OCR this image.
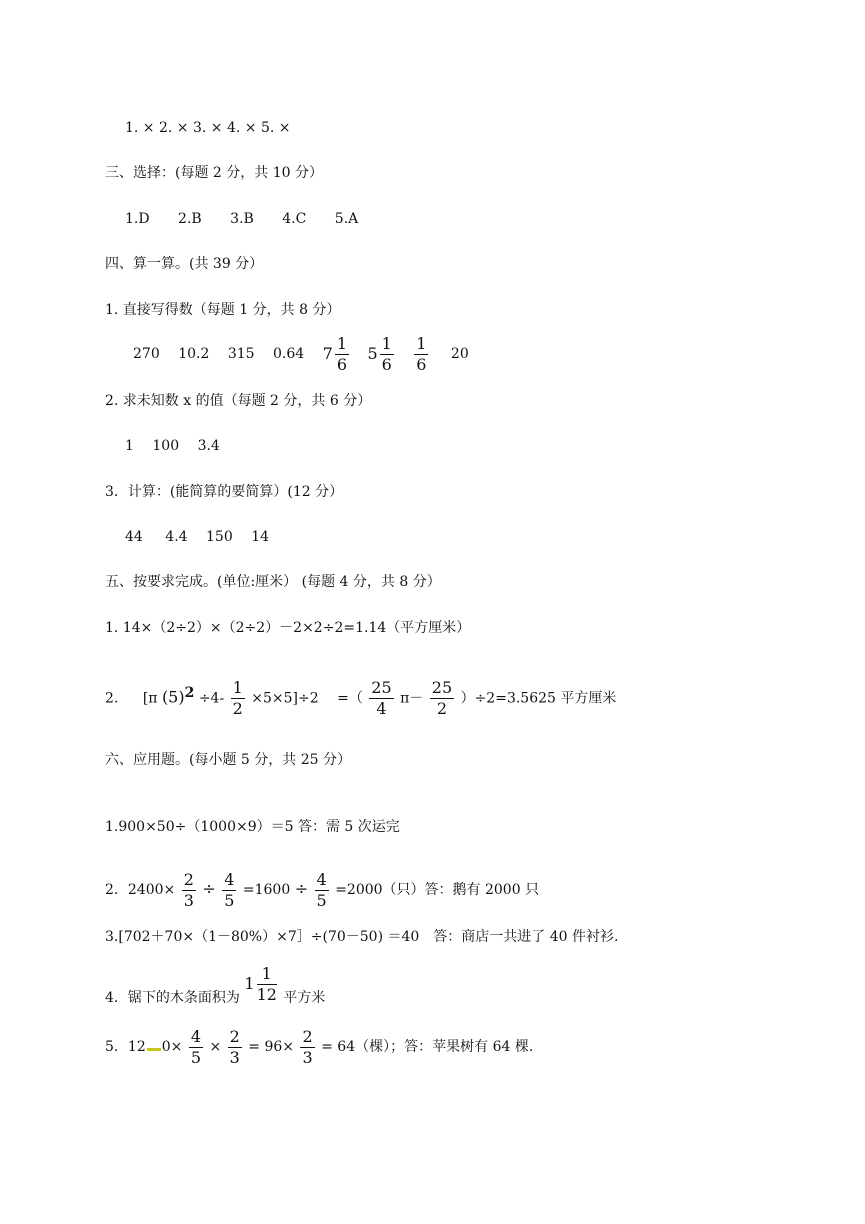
1. × 2. × 3. × 4. × 5. ×
三、选择：(每题 2 分，共 10 分）
1.D 2.B 3.B 4.C 5.A
四、算一算。(共 39 分）
1. 直接写得数（每题 1 分，共 8 分）
270 10.2 315 0.64 $7 \frac{1}{6} 5 \frac{1}{6}$
$\frac{1}{6} 20$
2. 求未知数 x 的值（每题 2 分，共 6 分）
1 100 3.4
3．计算：(能简算的要简算）(12 分）
44 4.4 150 14
五、按要求完成。(单位:厘米） (每题 4 分，共 8 分）
1. 14×（2÷2）×（2÷2）－2×2÷2=1.14（平方厘米）
2. [π $(5)2 \div 4- \frac{1}{2} \times 5\times 5]\div 2$ =（ $\frac{25}{4} \pi- \frac{25}{2} )\div 2=3.5625$ 平方厘米
六、应用题。(每小题 5 分，共 25 分）
1.900×50÷（1000×9）＝5 答：需 5 次运完
2．$2400\times \frac{2}{3} \div \frac{4}{5} =1600 \div \frac{4}{5} =2000$（只）答：鹅有 2000 只
3.[702＋70×（1－80%）×7］÷(70－50) ＝40　答：商店一共进了 40 件衬衫.
4．锯下的木条面积为 $1 \frac{1}{12}$ 平方米
5．12 $0\times \frac{4}{5} \times \frac{2}{3} = 96\times \frac{2}{3} = 64$（棵）；答：苹果树有 64 棵.
